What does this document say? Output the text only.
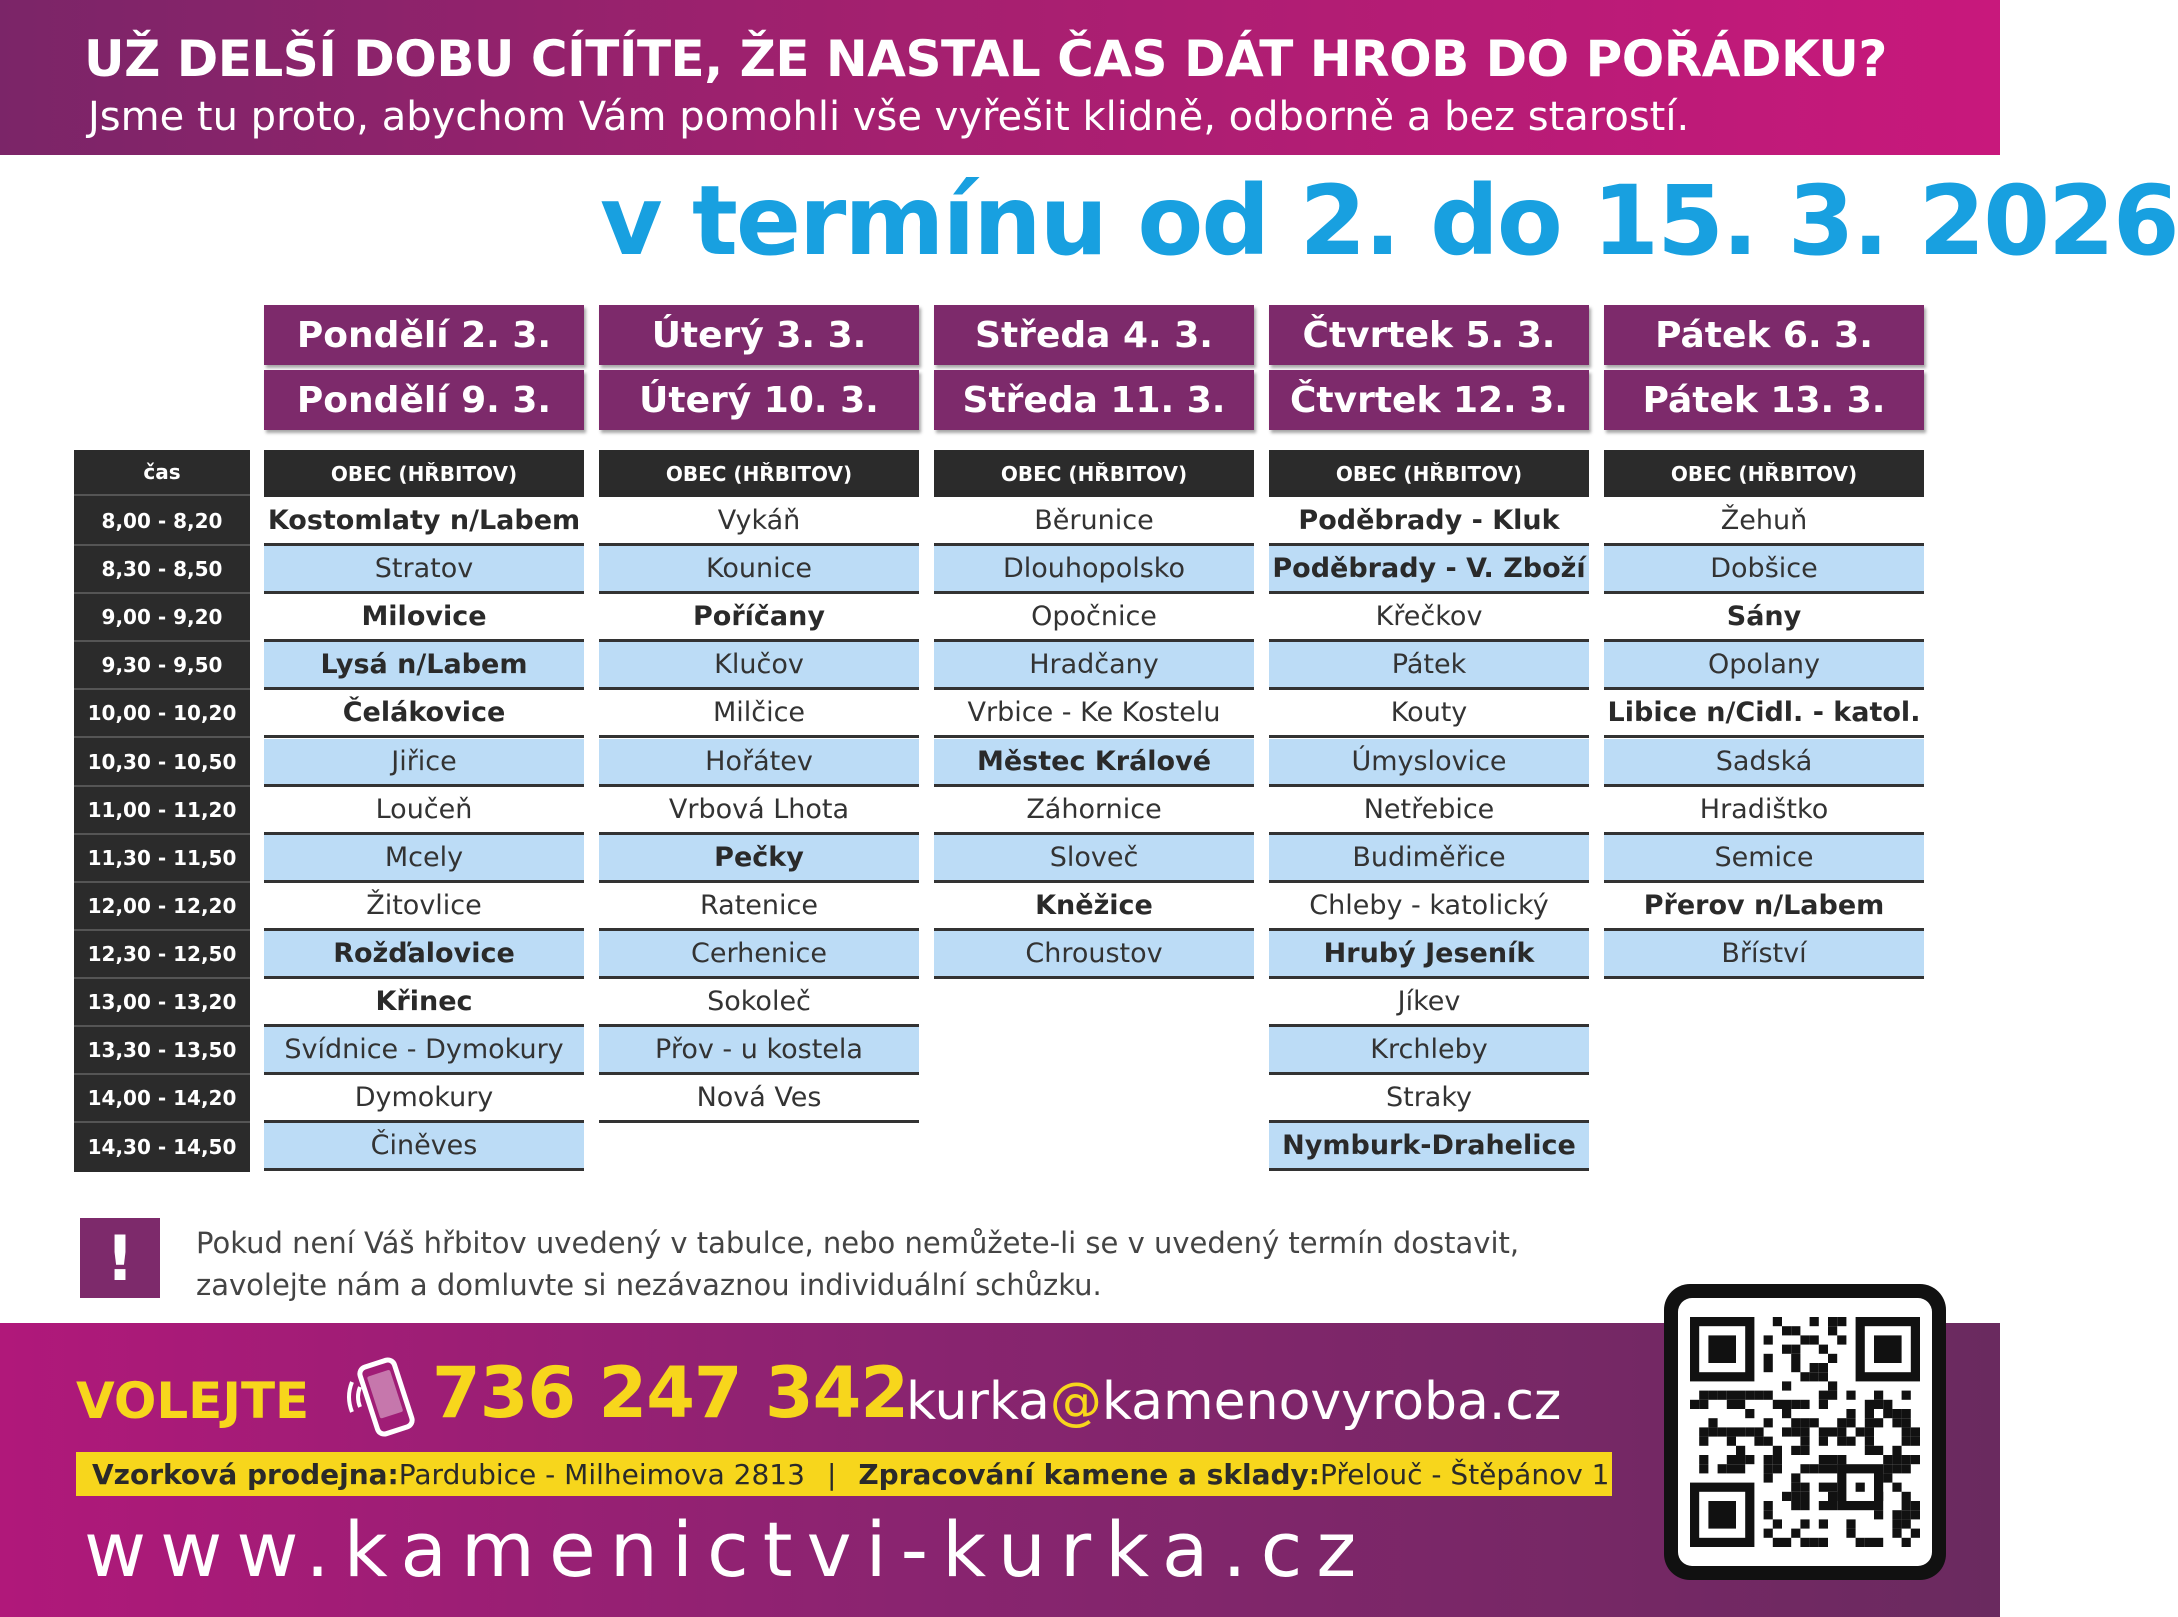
UŽ DELŠÍ DOBU CÍTÍTE, ŽE NASTAL ČAS DÁT HROB DO POŘÁDKU?
Jsme tu proto, abychom Vám pomohli vše vyřešit klidně, odborně a bez starostí.
v termínu od 2. do 15. 3. 2026
čas
8,00 - 8,20
8,30 - 8,50
9,00 - 9,20
9,30 - 9,50
10,00 - 10,20
10,30 - 10,50
11,00 - 11,20
11,30 - 11,50
12,00 - 12,20
12,30 - 12,50
13,00 - 13,20
13,30 - 13,50
14,00 - 14,20
14,30 - 14,50
Pondělí 2. 3.
Pondělí 9. 3.
OBEC (HŘBITOV)
Kostomlaty n/Labem
Stratov
Milovice
Lysá n/Labem
Čelákovice
Jiřice
Loučeň
Mcely
Žitovlice
Rožďalovice
Křinec
Svídnice - Dymokury
Dymokury
Činěves
Úterý 3. 3.
Úterý 10. 3.
OBEC (HŘBITOV)
Vykáň
Kounice
Poříčany
Klučov
Milčice
Hořátev
Vrbová Lhota
Pečky
Ratenice
Cerhenice
Sokoleč
Přov - u kostela
Nová Ves
Středa 4. 3.
Středa 11. 3.
OBEC (HŘBITOV)
Běrunice
Dlouhopolsko
Opočnice
Hradčany
Vrbice - Ke Kostelu
Městec Králové
Záhornice
Sloveč
Kněžice
Chroustov
Čtvrtek 5. 3.
Čtvrtek 12. 3.
OBEC (HŘBITOV)
Poděbrady - Kluk
Poděbrady - V. Zboží
Křečkov
Pátek
Kouty
Úmyslovice
Netřebice
Budiměřice
Chleby - katolický
Hrubý Jeseník
Jíkev
Krchleby
Straky
Nymburk-Drahelice
Pátek 6. 3.
Pátek 13. 3.
OBEC (HŘBITOV)
Žehuň
Dobšice
Sány
Opolany
Libice n/Cidl. - katol.
Sadská
Hradištko
Semice
Přerov n/Labem
Bříství
!	Pokud není Váš hřbitov uvedený v tabulce, nebo nemůžete-li se v uvedený termín dostavit,
zavolejte nám a domluvte si nezávaznou individuální schůzku.
VOLEJTE 736 247 342
kurka@kamenovyroba.cz
Vzorková prodejna: Pardubice - Milheimova 2813 | Zpracování kamene a sklady: Přelouč - Štěpánov 1
www.kamenictvi-kurka.cz
